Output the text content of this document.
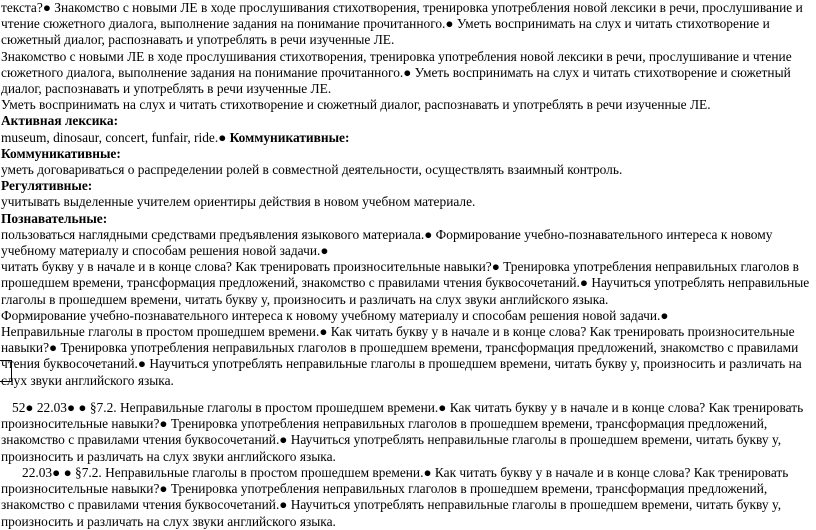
текста?● Знакомство с новыми ЛЕ в ходе прослушивания стихотворения, тренировка употребления новой лексики в речи, прослушивание и чтение сюжетного диалога, выполнение задания на понимание прочитанного.● Уметь воспринимать на слух и читать стихотворение и сюжетный диалог, распознавать и употреблять в речи изученные ЛЕ.

Знакомство с новыми ЛЕ в ходе прослушивания стихотворения, тренировка употребления новой лексики в речи, прослушивание и чтение сюжетного диалога, выполнение задания на понимание прочитанного.● Уметь воспринимать на слух и читать стихотворение и сюжетный диалог, распознавать и употреблять в речи изученные ЛЕ.

Уметь воспринимать на слух и читать стихотворение и сюжетный диалог, распознавать и употреблять в речи изученные ЛЕ.

Активная лексика:

museum, dinosaur, concert, funfair, ride.● Коммуникативные:

Коммуникативные:

уметь договариваться о распределении ролей в совместной деятельности, осуществлять взаимный контроль.

Регулятивные:

учитывать выделенные учителем ориентиры действия в новом учебном материале.

Познавательные:

пользоваться наглядными средствами предъявления языкового материала.● Формирование учебно-познавательного интереса к новому учебному материалу и способам решения новой задачи.●

читать букву y в начале и в конце слова? Как тренировать произносительные навыки?● Тренировка употребления неправильных глаголов в прошедшем времени, трансформация предложений, знакомство с правилами чтения буквосочетаний.● Научиться употреблять неправильные глаголы в прошедшем времени, читать букву y, произносить и различать на слух звуки английского языка.

Формирование учебно-познавательного интереса к новому учебному материалу и способам решения новой задачи.●

Неправильные глаголы в простом прошедшем времени.● Как читать букву y в начале и в конце слова? Как тренировать произносительные навыки?● Тренировка употребления неправильных глаголов в прошедшем времени, трансформация предложений, знакомство с правилами чтения буквосочетаний.● Научиться употреблять неправильные глаголы в прошедшем времени, читать букву y, произносить и различать на слух звуки английского языка.

52● 22.03● ● §7.2. Неправильные глаголы в простом прошедшем времени.● Как читать букву y в начале и в конце слова? Как тренировать произносительные навыки?● Тренировка употребления неправильных глаголов в прошедшем времени, трансформация предложений, знакомство с правилами чтения буквосочетаний.● Научиться употреблять неправильные глаголы в прошедшем времени, читать букву y, произносить и различать на слух звуки английского языка.

22.03● ● §7.2. Неправильные глаголы в простом прошедшем времени.● Как читать букву y в начале и в конце слова? Как тренировать произносительные навыки?● Тренировка употребления неправильных глаголов в прошедшем времени, трансформация предложений, знакомство с правилами чтения буквосочетаний.● Научиться употреблять неправильные глаголы в прошедшем времени, читать букву y, произносить и различать на слух звуки английского языка.
